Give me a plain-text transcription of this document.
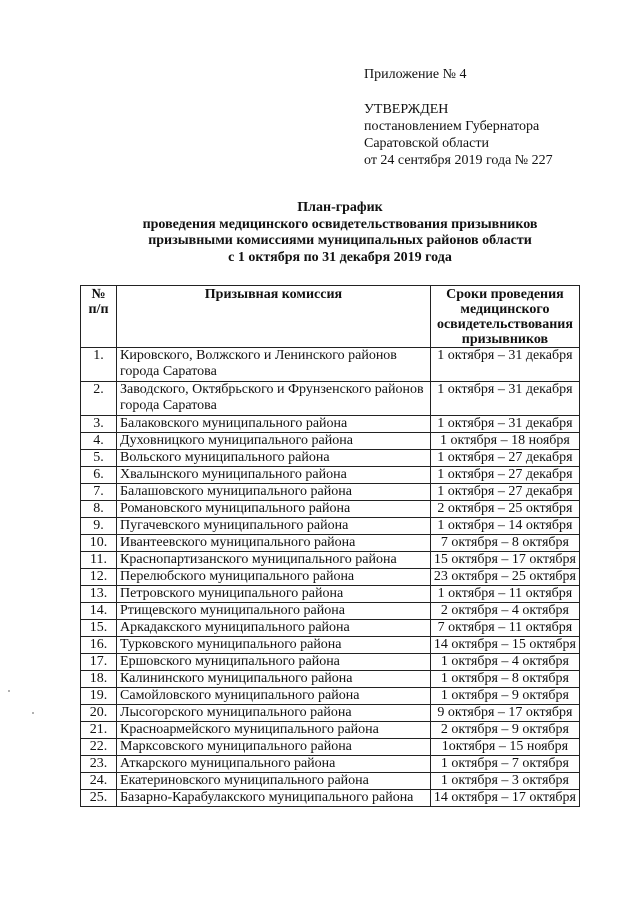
Приложение № 4
УТВЕРЖДЕН
постановлением Губернатора
Саратовской области
от 24 сентября 2019 года № 227
План-график
проведения медицинского освидетельствования призывников
призывными комиссиями муниципальных районов области
с 1 октября по 31 декабря 2019 года
№
п/п	Призывная комиссия	Сроки проведения медицинского освидетельствования призывников
1.	Кировского, Волжского и Ленинского районов города Саратова	1 октября – 31 декабря
2.	Заводского, Октябрьского и Фрунзенского районов города Саратова	1 октября – 31 декабря
3.	Балаковского муниципального района	1 октября – 31 декабря
4.	Духовницкого муниципального района	1 октября – 18 ноября
5.	Вольского муниципального района	1 октября – 27 декабря
6.	Хвалынского муниципального района	1 октября – 27 декабря
7.	Балашовского муниципального района	1 октября – 27 декабря
8.	Романовского муниципального района	2 октября – 25 октября
9.	Пугачевского муниципального района	1 октября – 14 октября
10.	Ивантеевского муниципального района	7 октября – 8 октября
11.	Краснопартизанского муниципального района	15 октября – 17 октября
12.	Перелюбского муниципального района	23 октября – 25 октября
13.	Петровского муниципального района	1 октября – 11 октября
14.	Ртищевского муниципального района	2 октября – 4 октября
15.	Аркадакского муниципального района	7 октября – 11 октября
16.	Турковского муниципального района	14 октября – 15 октября
17.	Ершовского муниципального района	1 октября – 4 октября
18.	Калининского муниципального района	1 октября – 8 октября
19.	Самойловского муниципального района	1 октября – 9 октября
20.	Лысогорского муниципального района	9 октября – 17 октября
21.	Красноармейского муниципального района	2 октября – 9 октября
22.	Марксовского муниципального района	1октября – 15 ноября
23.	Аткарского муниципального района	1 октября – 7 октября
24.	Екатериновского муниципального района	1 октября – 3 октября
25.	Базарно-Карабулакского муниципального района	14 октября – 17 октября
